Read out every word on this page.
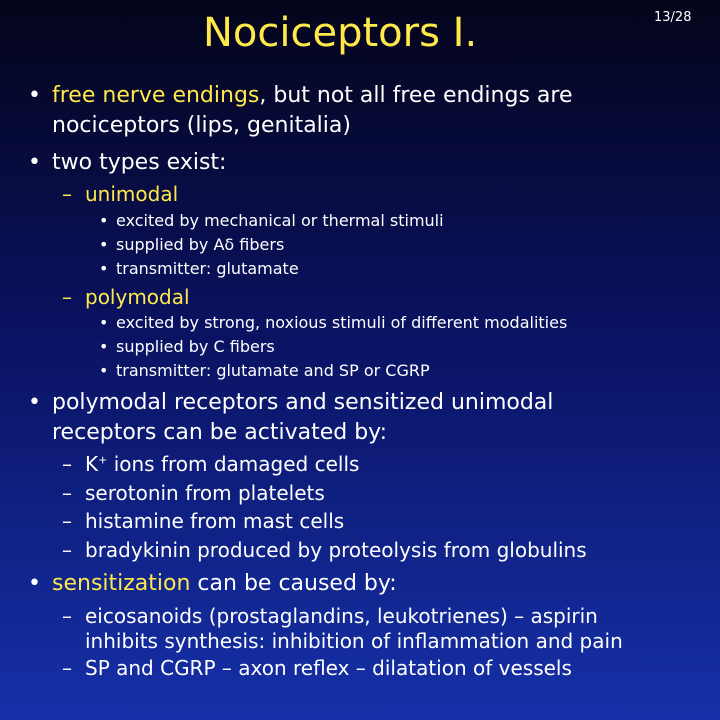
Nociceptors I.	13/28
• free nerve endings, but not all free endings are
nociceptors (lips, genitalia)
• two types exist:
– unimodal
• excited by mechanical or thermal stimuli
• supplied by Aδ fibers
• transmitter: glutamate
– polymodal
• excited by strong, noxious stimuli of different modalities
• supplied by C fibers
• transmitter: glutamate and SP or CGRP
• polymodal receptors and sensitized unimodal
receptors can be activated by:
– K+ ions from damaged cells
– serotonin from platelets
– histamine from mast cells
– bradykinin produced by proteolysis from globulins
• sensitization can be caused by:
– eicosanoids (prostaglandins, leukotrienes) – aspirin
inhibits synthesis: inhibition of inflammation and pain
– SP and CGRP – axon reflex – dilatation of vessels
